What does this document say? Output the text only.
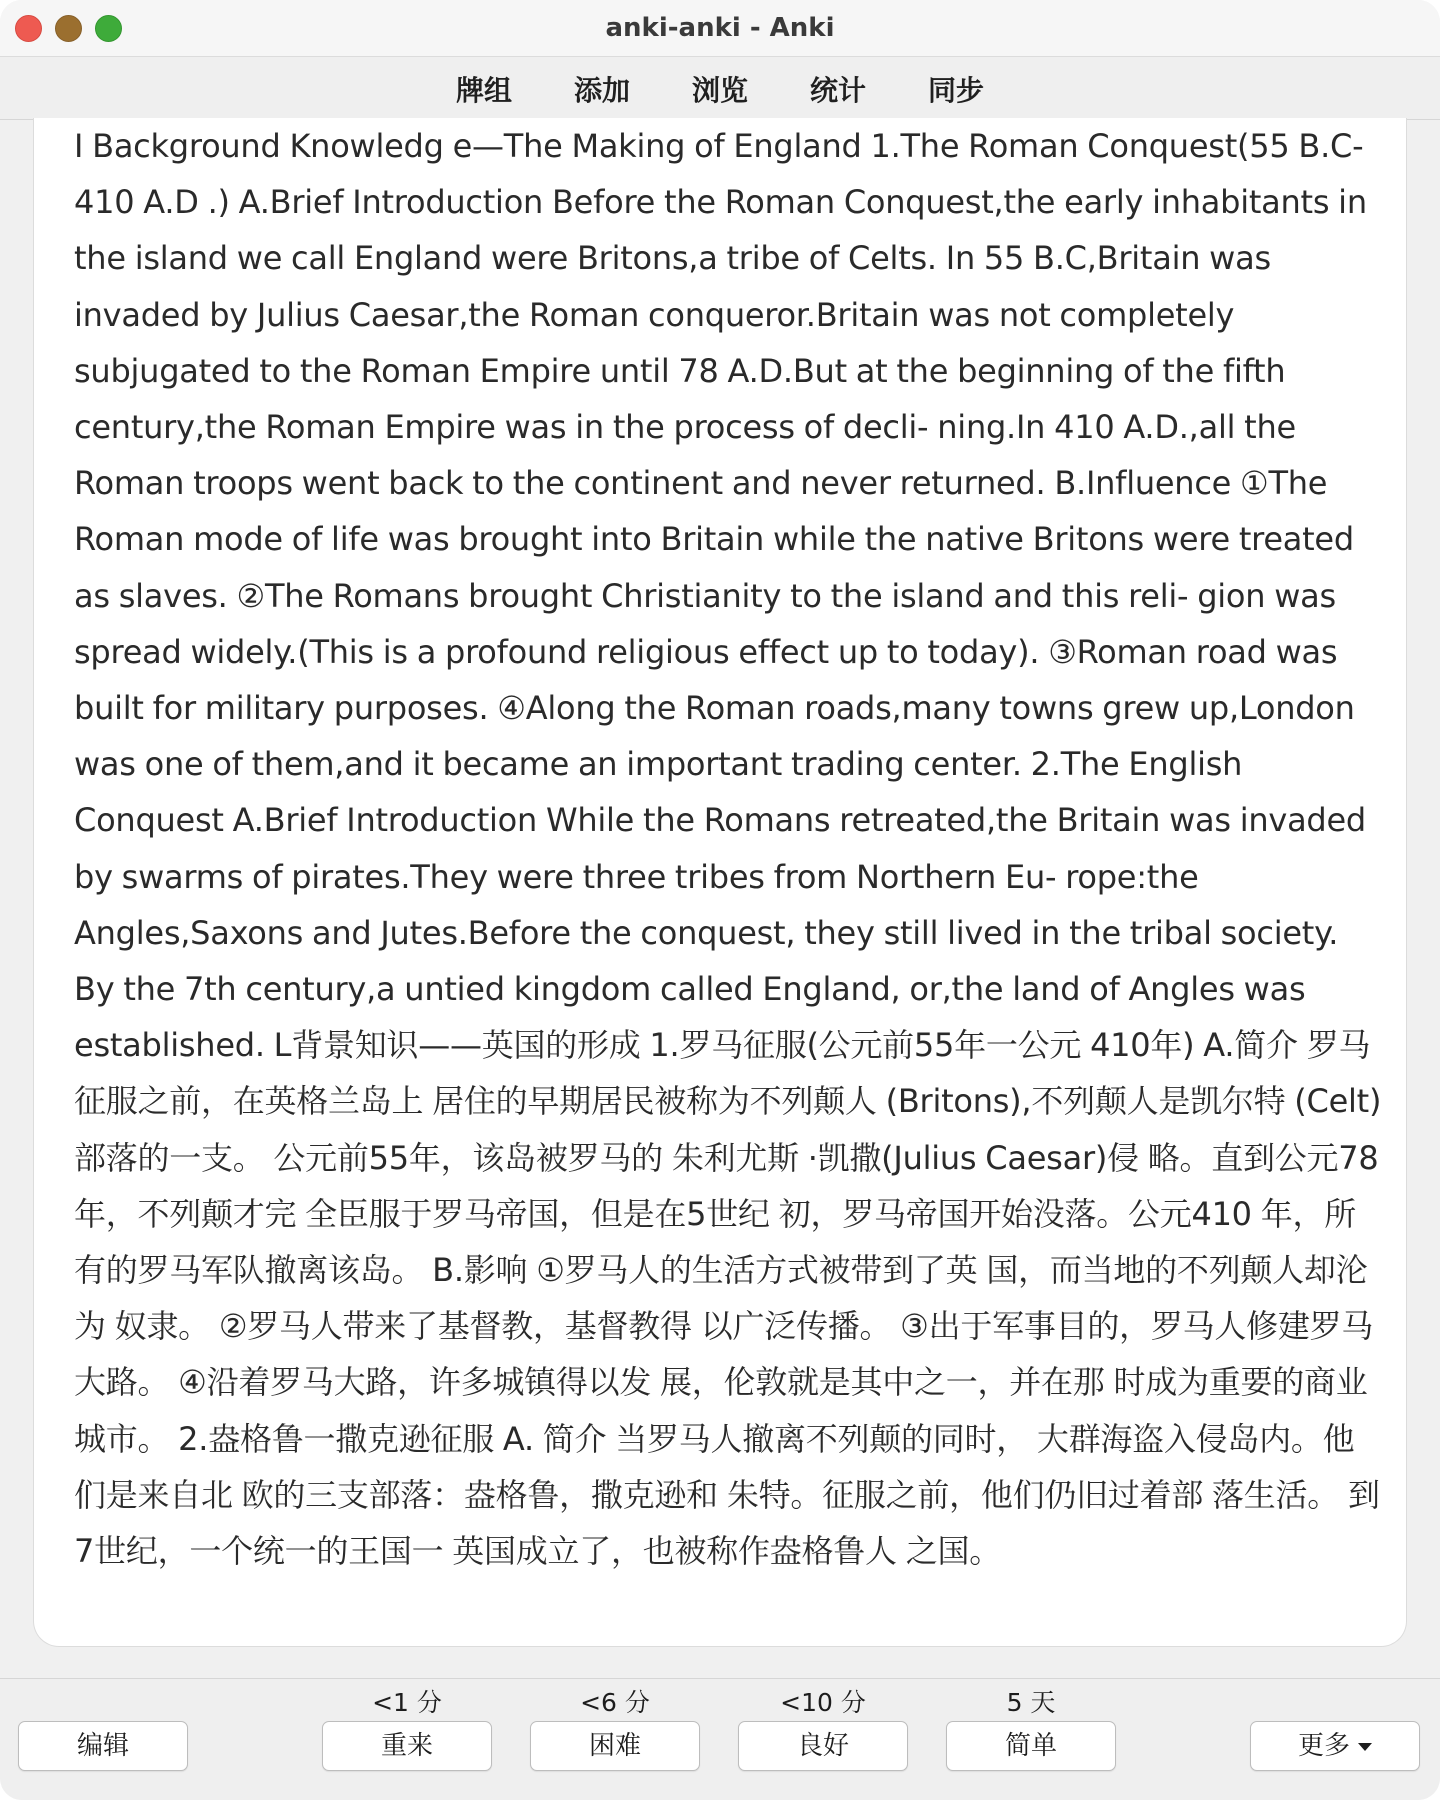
anki-anki - Anki
牌组 添加 浏览 统计 同步
I Background Knowledg e—The Making of England 1.The Roman Conquest(55 B.C-410 A.D .) A.Brief Introduction Before the Roman Conquest,the early inhabitants in the island we call England were Britons,a tribe of Celts. In 55 B.C,Britain was invaded by Julius Caesar,the Roman conqueror.Britain was not completely subjugated to the Roman Empire until 78 A.D.But at the beginning of the fifth century,the Roman Empire was in the process of decli- ning.In 410 A.D.,all the Roman troops went back to the continent and never returned. B.Influence ①The Roman mode of life was brought into Britain while the native Britons were treated as slaves. ②The Romans brought Christianity to the island and this reli- gion was spread widely.(This is a profound religious effect up to today). ③Roman road was built for military purposes. ④Along the Roman roads,many towns grew up,London was one of them,and it became an important trading center. 2.The English Conquest A.Brief Introduction While the Romans retreated,the Britain was invaded by swarms of pirates.They were three tribes from Northern Eu- rope:the Angles,Saxons and Jutes.Before the conquest, they still lived in the tribal society. By the 7th century,a untied kingdom called England, or,the land of Angles was established. L背景知识——英国的形成 1.罗马征服(公元前55年一公元 410年) A.简介 罗马征服之前，在英格兰岛上 居住的早期居民被称为不列颠人 (Britons),不列颠人是凯尔特 (Celt)部落的一支。 公元前55年，该岛被罗马的 朱利尤斯 ·凯撒(Julius Caesar)侵 略。直到公元78年，不列颠才完 全臣服于罗马帝国，但是在5世纪 初，罗马帝国开始没落。公元410 年，所有的罗马军队撤离该岛。 B.影响 ①罗马人的生活方式被带到了英 国，而当地的不列颠人却沦为 奴隶。 ②罗马人带来了基督教，基督教得 以广泛传播。 ③出于军事目的，罗马人修建罗马 大路。 ④沿着罗马大路，许多城镇得以发 展，伦敦就是其中之一，并在那 时成为重要的商业城市。 2.盎格鲁一撒克逊征服 A. 简介 当罗马人撤离不列颠的同时， 大群海盗入侵岛内。他们是来自北 欧的三支部落：盎格鲁，撒克逊和 朱特。征服之前，他们仍旧过着部 落生活。 到7世纪，一个统一的王国一 英国成立了，也被称作盎格鲁人 之国。
编辑
<1 分
重来
<6 分
困难
<10 分
良好
5 天
简单	更多
